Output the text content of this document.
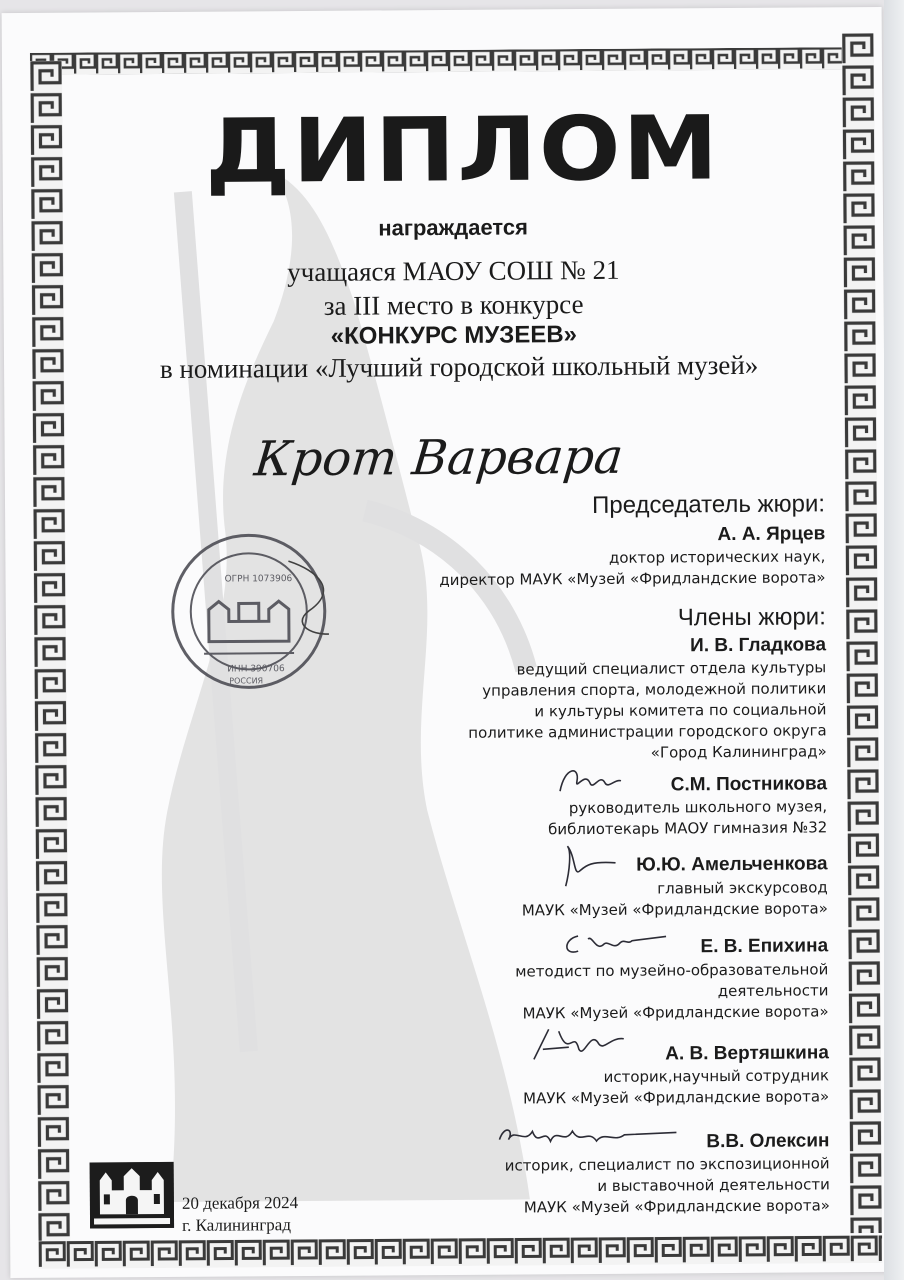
ДИПЛОМ
награждается
учащаяся МАОУ СОШ № 21
за III место в конкурсе
«КОНКУРС МУЗЕЕВ»
в номинации «Лучший городской школьный музей»
Крот Варвара
ОГРН 1073906
ИНН 390706
РОССИЯ
Председатель жюри:
А. А. Ярцев
доктор исторических наук,
директор МАУК «Музей «Фридландские ворота»
Члены жюри:
И. В. Гладкова
ведущий специалист отдела культуры
управления спорта, молодежной политики
и культуры комитета по социальной
политике администрации городского округа
«Город Калининград»
С.М. Постникова
руководитель школьного музея,
библиотекарь МАОУ гимназия №32
Ю.Ю. Амельченкова
главный экскурсовод
МАУК «Музей «Фридландские ворота»
Е. В. Епихина
методист по музейно-образовательной
деятельности
МАУК «Музей «Фридландские ворота»
А. В. Вертяшкина
историк,научный сотрудник
МАУК «Музей «Фридландские ворота»
В.В. Олексин
историк, специалист по экспозиционной
и выставочной деятельности
МАУК «Музей «Фридландские ворота»
20 декабря 2024
г. Калининград
